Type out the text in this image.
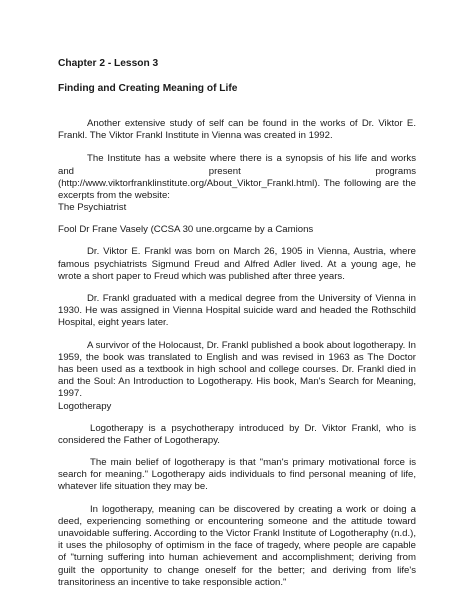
Chapter 2 - Lesson 3
Finding and Creating Meaning of Life

Another extensive study of self can be found in the works of Dr. Viktor E. Frankl. The Viktor Frankl Institute in Vienna was created in 1992.

The Institute has a website where there is a synopsis of his life and works and present programs (http://www.viktorfranklinstitute.org/About_Viktor_Frankl.html). The following are the excerpts from the website:

The Psychiatrist

Fool Dr Frane Vasely (CCSA 30 une.orgcame by a Camions

Dr. Viktor E. Frankl was born on March 26, 1905 in Vienna, Austria, where famous psychiatrists Sigmund Freud and Alfred Adler lived. At a young age, he wrote a short paper to Freud which was published after three years.

Dr. Frankl graduated with a medical degree from the University of Vienna in 1930. He was assigned in Vienna Hospital suicide ward and headed the Rothschild Hospital, eight years later.

A survivor of the Holocaust, Dr. Frankl published a book about logotherapy. In 1959, the book was translated to English and was revised in 1963 as The Doctor has been used as a textbook in high school and college courses. Dr. Frankl died in and the Soul: An Introduction to Logotherapy. His book, Man's Search for Meaning, 1997.

Logotherapy

Logotherapy is a psychotherapy introduced by Dr. Viktor Frankl, who is considered the Father of Logotherapy.

The main belief of logotherapy is that "man's primary motivational force is search for meaning." Logotherapy aids individuals to find personal meaning of life, whatever life situation they may be.

In logotherapy, meaning can be discovered by creating a work or doing a deed, experiencing something or encountering someone and the attitude toward unavoidable suffering. According to the Victor Frankl Institute of Logotheraphy (n.d.), it uses the philosophy of optimism in the face of tragedy, where people are capable of "turning suffering into human achievement and accomplishment; deriving from guilt the opportunity to change oneself for the better; and deriving from life's transitoriness an incentive to take responsible action."
